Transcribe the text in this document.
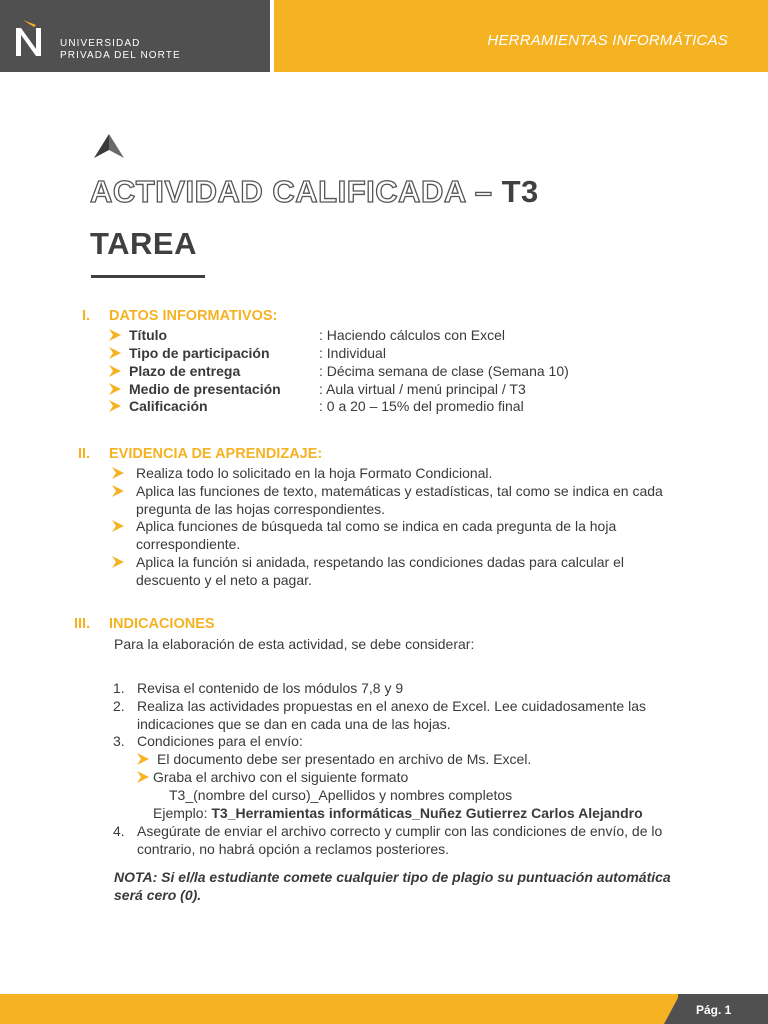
UNIVERSIDAD
PRIVADA DEL NORTE
HERRAMIENTAS INFORMÁTICAS
ACTIVIDAD CALIFICADA – T3
TAREA
I. DATOS INFORMATIVOS:
Título	: Haciendo cálculos con Excel
Tipo de participación	: Individual
Plazo de entrega	: Décima semana de clase (Semana 10)
Medio de presentación	: Aula virtual / menú principal / T3
Calificación	: 0 a 20 – 15% del promedio final
II. EVIDENCIA DE APRENDIZAJE:
Realiza todo lo solicitado en la hoja Formato Condicional.
Aplica las funciones de texto, matemáticas y estadísticas, tal como se indica en cada
pregunta de las hojas correspondientes.
Aplica funciones de búsqueda tal como se indica en cada pregunta de la hoja
correspondiente.
Aplica la función si anidada, respetando las condiciones dadas para calcular el
descuento y el neto a pagar.
III. INDICACIONES
Para la elaboración de esta actividad, se debe considerar:
1. Revisa el contenido de los módulos 7,8 y 9
2. Realiza las actividades propuestas en el anexo de Excel. Lee cuidadosamente las
indicaciones que se dan en cada una de las hojas.
3. Condiciones para el envío:
El documento debe ser presentado en archivo de Ms. Excel.
Graba el archivo con el siguiente formato
T3_(nombre del curso)_Apellidos y nombres completos
Ejemplo: T3_Herramientas informáticas_Nuñez Gutierrez Carlos Alejandro
4. Asegúrate de enviar el archivo correcto y cumplir con las condiciones de envío, de lo
contrario, no habrá opción a reclamos posteriores.
NOTA: Si el/la estudiante comete cualquier tipo de plagio su puntuación automática
será cero (0).
Pág. 1
